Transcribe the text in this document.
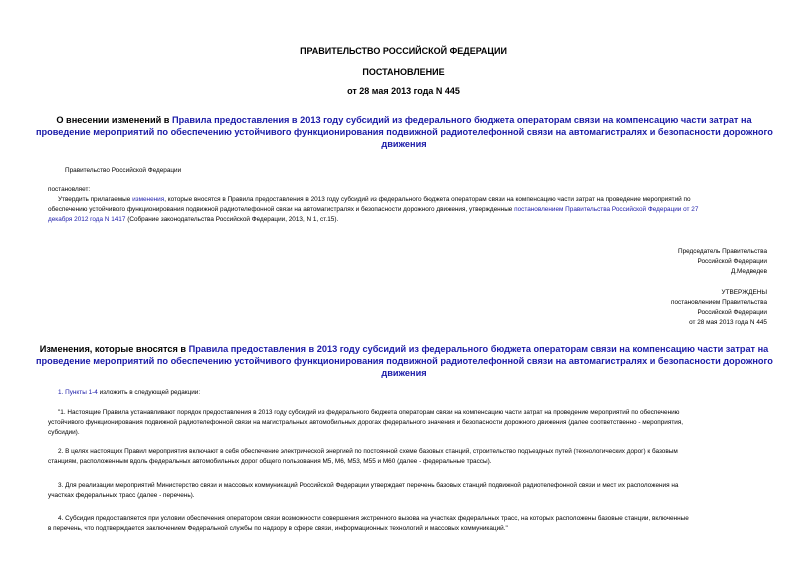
ПРАВИТЕЛЬСТВО РОССИЙСКОЙ ФЕДЕРАЦИИ
ПОСТАНОВЛЕНИЕ
от 28 мая 2013 года N 445
О внесении изменений в Правила предоставления в 2013 году субсидий из федерального бюджета операторам связи на компенсацию части затрат на
проведение мероприятий по обеспечению устойчивого функционирования подвижной радиотелефонной связи на автомагистралях и безопасности дорожного
движения
Правительство Российской Федерации
постановляет:
Утвердить прилагаемые изменения, которые вносятся в Правила предоставления в 2013 году субсидий из федерального бюджета операторам связи на компенсацию части затрат на проведение мероприятий по
обеспечению устойчивого функционирования подвижной радиотелефонной связи на автомагистралях и безопасности дорожного движения, утвержденные постановлением Правительства Российской Федерации от 27
декабря 2012 года N 1417 (Собрание законодательства Российской Федерации, 2013, N 1, ст.15).
Председатель Правительства
Российской Федерации
Д.Медведев
УТВЕРЖДЕНЫ
постановлением Правительства
Российской Федерации
от 28 мая 2013 года N 445
Изменения, которые вносятся в Правила предоставления в 2013 году субсидий из федерального бюджета операторам связи на компенсацию части затрат на
проведение мероприятий по обеспечению устойчивого функционирования подвижной радиотелефонной связи на автомагистралях и безопасности дорожного
движения
1. Пункты 1-4 изложить в следующей редакции:
"1. Настоящие Правила устанавливают порядок предоставления в 2013 году субсидий из федерального бюджета операторам связи на компенсацию части затрат на проведение мероприятий по обеспечению
устойчивого функционирования подвижной радиотелефонной связи на магистральных автомобильных дорогах федерального значения и безопасности дорожного движения (далее соответственно - мероприятия,
субсидии).
2. В целях настоящих Правил мероприятия включают в себя обеспечение электрической энергией по постоянной схеме базовых станций, строительство подъездных путей (технологических дорог) к базовым
станциям, расположенным вдоль федеральных автомобильных дорог общего пользования М5, М6, М53, М55 и М60 (далее - федеральные трассы).
3. Для реализации мероприятий Министерство связи и массовых коммуникаций Российской Федерации утверждает перечень базовых станций подвижной радиотелефонной связи и мест их расположения на
участках федеральных трасс (далее - перечень).
4. Субсидия предоставляется при условии обеспечения оператором связи возможности совершения экстренного вызова на участках федеральных трасс, на которых расположены базовые станции, включенные
в перечень, что подтверждается заключением Федеральной службы по надзору в сфере связи, информационных технологий и массовых коммуникаций."
